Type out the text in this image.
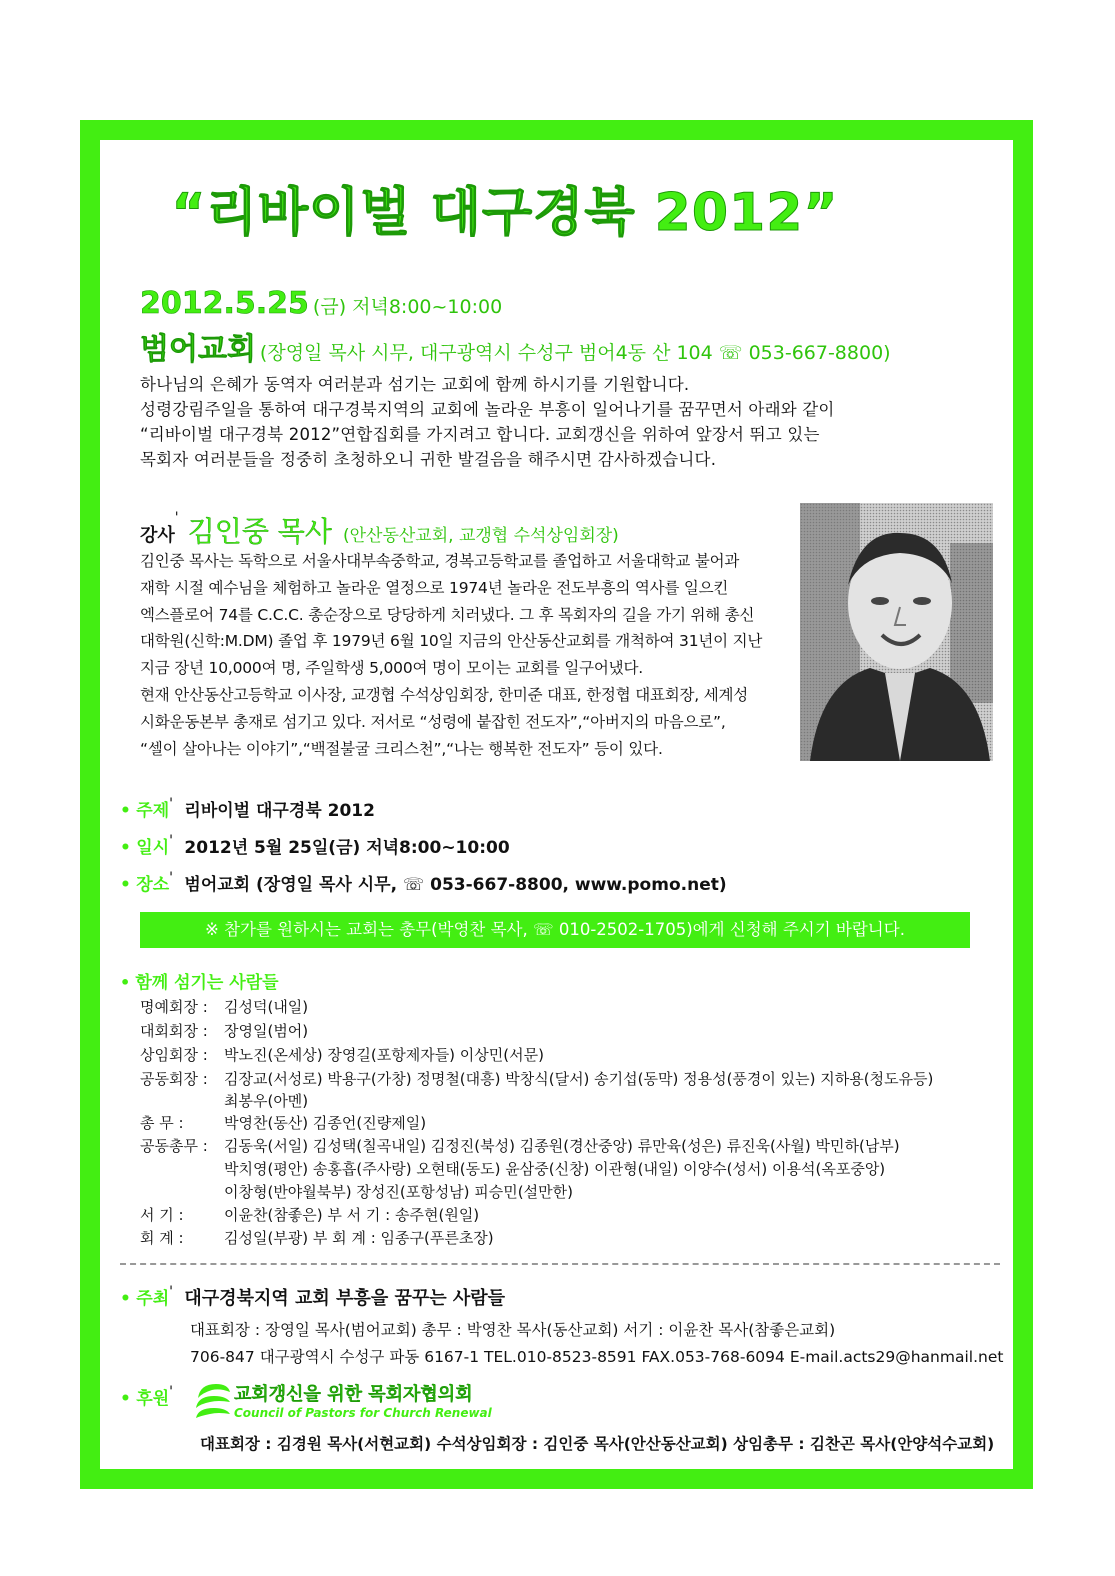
“리바이벌 대구경북 2012”
2012.5.25 (금) 저녁8:00~10:00
범어교회 (장영일 목사 시무, 대구광역시 수성구 범어4동 산 104 ☏ 053-667-8800)

하나님의 은혜가 동역자 여러분과 섬기는 교회에 함께 하시기를 기원합니다.

성령강림주일을 통하여 대구경북지역의 교회에 놀라운 부흥이 일어나기를 꿈꾸면서 아래와 같이

“리바이벌 대구경북 2012”연합집회를 가지려고 합니다. 교회갱신을 위하여 앞장서 뛰고 있는

목회자 여러분들을 정중히 초청하오니 귀한 발걸음을 해주시면 감사하겠습니다.

강사' 김인중 목사 (안산동산교회, 교갱협 수석상임회장)

김인중 목사는 독학으로 서울사대부속중학교, 경복고등학교를 졸업하고 서울대학교 불어과

재학 시절 예수님을 체험하고 놀라운 열정으로 1974년 놀라운 전도부흥의 역사를 일으킨

엑스플로어 74를 C.C.C. 총순장으로 당당하게 치러냈다. 그 후 목회자의 길을 가기 위해 총신

대학원(신학:M.DM) 졸업 후 1979년 6월 10일 지금의 안산동산교회를 개척하여 31년이 지난

지금 장년 10,000여 명, 주일학생 5,000여 명이 모이는 교회를 일구어냈다.

현재 안산동산고등학교 이사장, 교갱협 수석상임회장, 한미준 대표, 한정협 대표회장, 세계성

시화운동본부 총재로 섬기고 있다. 저서로 “성령에 붙잡힌 전도자”,“아버지의 마음으로”,

“셀이 살아나는 이야기”,“백절불굴 크리스천”,“나는 행복한 전도자” 등이 있다.

• 주제' 리바이벌 대구경북 2012
• 일시' 2012년 5월 25일(금) 저녁8:00~10:00
• 장소' 범어교회 (장영일 목사 시무, ☏ 053-667-8800, www.pomo.net)
※ 참가를 원하시는 교회는 총무(박영찬 목사, ☏ 010-2502-1705)에게 신청해 주시기 바랍니다.
• 함께 섬기는 사람들
명예회장 : 김성덕(내일)
대회회장 : 장영일(범어)
상임회장 : 박노진(온세상) 장영길(포항제자들) 이상민(서문)
공동회장 : 김장교(서성로) 박용구(가창) 정명철(대흥) 박창식(달서) 송기섭(동막) 정용성(풍경이 있는) 지하용(청도유등)
최봉우(아멘)
총 무 :	박영찬(동산) 김종언(진량제일)
공동총무 : 김동욱(서일) 김성택(칠곡내일) 김정진(북성) 김종원(경산중앙) 류만육(성은) 류진욱(사월) 박민하(남부)
박치영(평안) 송홍흡(주사랑) 오현태(동도) 윤삼중(신창) 이관형(내일) 이양수(성서) 이용석(옥포중앙)
이창형(반야월북부) 장성진(포항성남) 피승민(설만한)
서 기 :	이윤찬(참좋은) 부 서 기 : 송주현(원일)
회 계 :	김성일(부광) 부 회 계 : 임종구(푸른초장)
• 주최' 대구경북지역 교회 부흥을 꿈꾸는 사람들
대표회장 : 장영일 목사(범어교회) 총무 : 박영찬 목사(동산교회) 서기 : 이윤찬 목사(참좋은교회)
706-847 대구광역시 수성구 파동 6167-1 TEL.010-8523-8591 FAX.053-768-6094 E-mail.acts29@hanmail.net
• 후원'	교회갱신을 위한 목회자협의회
Council of Pastors for Church Renewal
대표회장 : 김경원 목사(서현교회) 수석상임회장 : 김인중 목사(안산동산교회) 상임총무 : 김찬곤 목사(안양석수교회)
